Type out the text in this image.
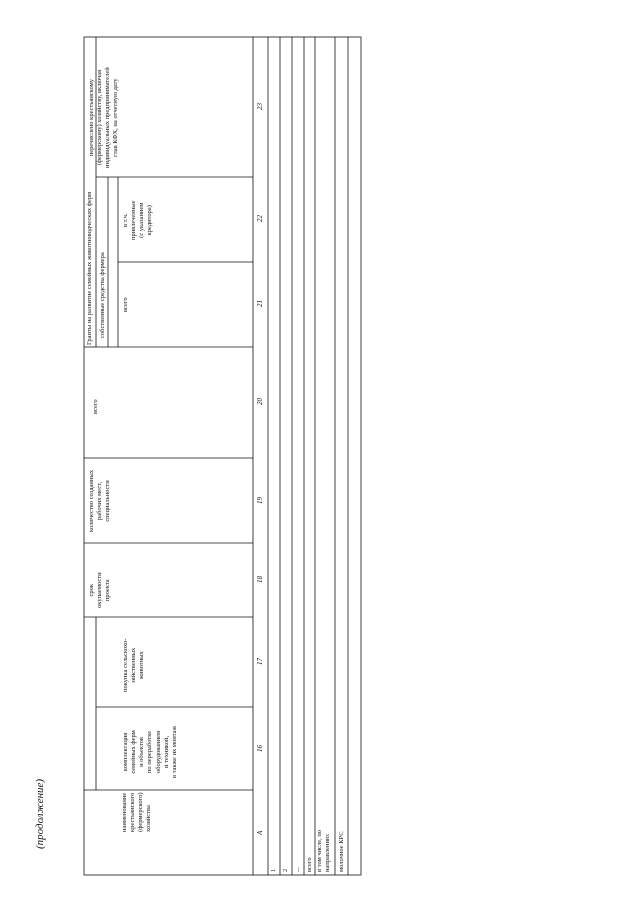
(продолжение)	наименование крестьянского (фермерского) хозяйства
комплектация семейных ферм и объектов по переработке оборудованием и техникой, в также их монтаж
покупка сельскохо- зяйственных животных
срок окупаемости проекта
количество созданных рабочих мест, специальности
Гранты на развитие семейных животноводческих ферм
всего
собственные средства фермера всего
в т.ч. привлеченные (с указанием кредитора)
перечислено крестьянскому (фермерскому) хозяйству, включая индивидуальных предпринимателей глав КФХ, на отчетную дату
А
16
17
18
19
20
21
22
23
1 2 ... всего в том числе, по направлению: молочное КРС
